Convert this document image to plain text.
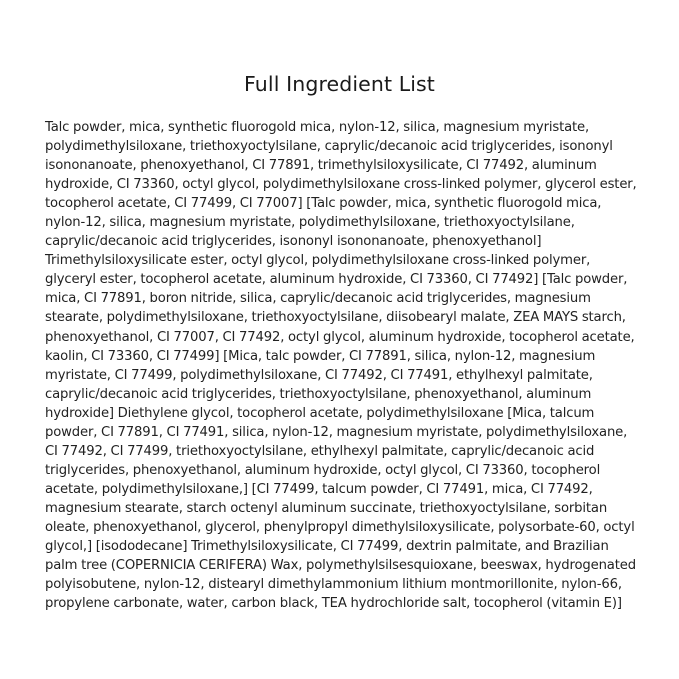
Full Ingredient List

Talc powder, mica, synthetic fluorogold mica, nylon-12, silica, magnesium myristate, polydimethylsiloxane, triethoxyoctylsilane, caprylic/decanoic acid triglycerides, isononyl isononanoate, phenoxyethanol, CI 77891, trimethylsiloxysilicate, CI 77492, aluminum hydroxide, CI 73360, octyl glycol, polydimethylsiloxane cross-linked polymer, glycerol ester, tocopherol acetate, CI 77499, CI 77007] [Talc powder, mica, synthetic fluorogold mica, nylon-12, silica, magnesium myristate, polydimethylsiloxane, triethoxyoctylsilane, caprylic/decanoic acid triglycerides, isononyl isononanoate, phenoxyethanol] Trimethylsiloxysilicate ester, octyl glycol, polydimethylsiloxane cross-linked polymer, glyceryl ester, tocopherol acetate, aluminum hydroxide, CI 73360, CI 77492] [Talc powder, mica, CI 77891, boron nitride, silica, caprylic/decanoic acid triglycerides, magnesium stearate, polydimethylsiloxane, triethoxyoctylsilane, diisobearyl malate, ZEA MAYS starch, phenoxyethanol, CI 77007, CI 77492, octyl glycol, aluminum hydroxide, tocopherol acetate, kaolin, CI 73360, CI 77499] [Mica, talc powder, CI 77891, silica, nylon-12, magnesium myristate, CI 77499, polydimethylsiloxane, CI 77492, CI 77491, ethylhexyl palmitate, caprylic/decanoic acid triglycerides, triethoxyoctylsilane, phenoxyethanol, aluminum hydroxide] Diethylene glycol, tocopherol acetate, polydimethylsiloxane [Mica, talcum powder, CI 77891, CI 77491, silica, nylon-12, magnesium myristate, polydimethylsiloxane, CI 77492, CI 77499, triethoxyoctylsilane, ethylhexyl palmitate, caprylic/decanoic acid triglycerides, phenoxyethanol, aluminum hydroxide, octyl glycol, CI 73360, tocopherol acetate, polydimethylsiloxane,] [CI 77499, talcum powder, CI 77491, mica, CI 77492, magnesium stearate, starch octenyl aluminum succinate, triethoxyoctylsilane, sorbitan oleate, phenoxyethanol, glycerol, phenylpropyl dimethylsiloxysilicate, polysorbate-60, octyl glycol,] [isododecane] Trimethylsiloxysilicate, CI 77499, dextrin palmitate, and Brazilian palm tree (COPERNICIA CERIFERA) Wax, polymethylsilsesquioxane, beeswax, hydrogenated polyisobutene, nylon-12, distearyl dimethylammonium lithium montmorillonite, nylon-66, propylene carbonate, water, carbon black, TEA hydrochloride salt, tocopherol (vitamin E)]
